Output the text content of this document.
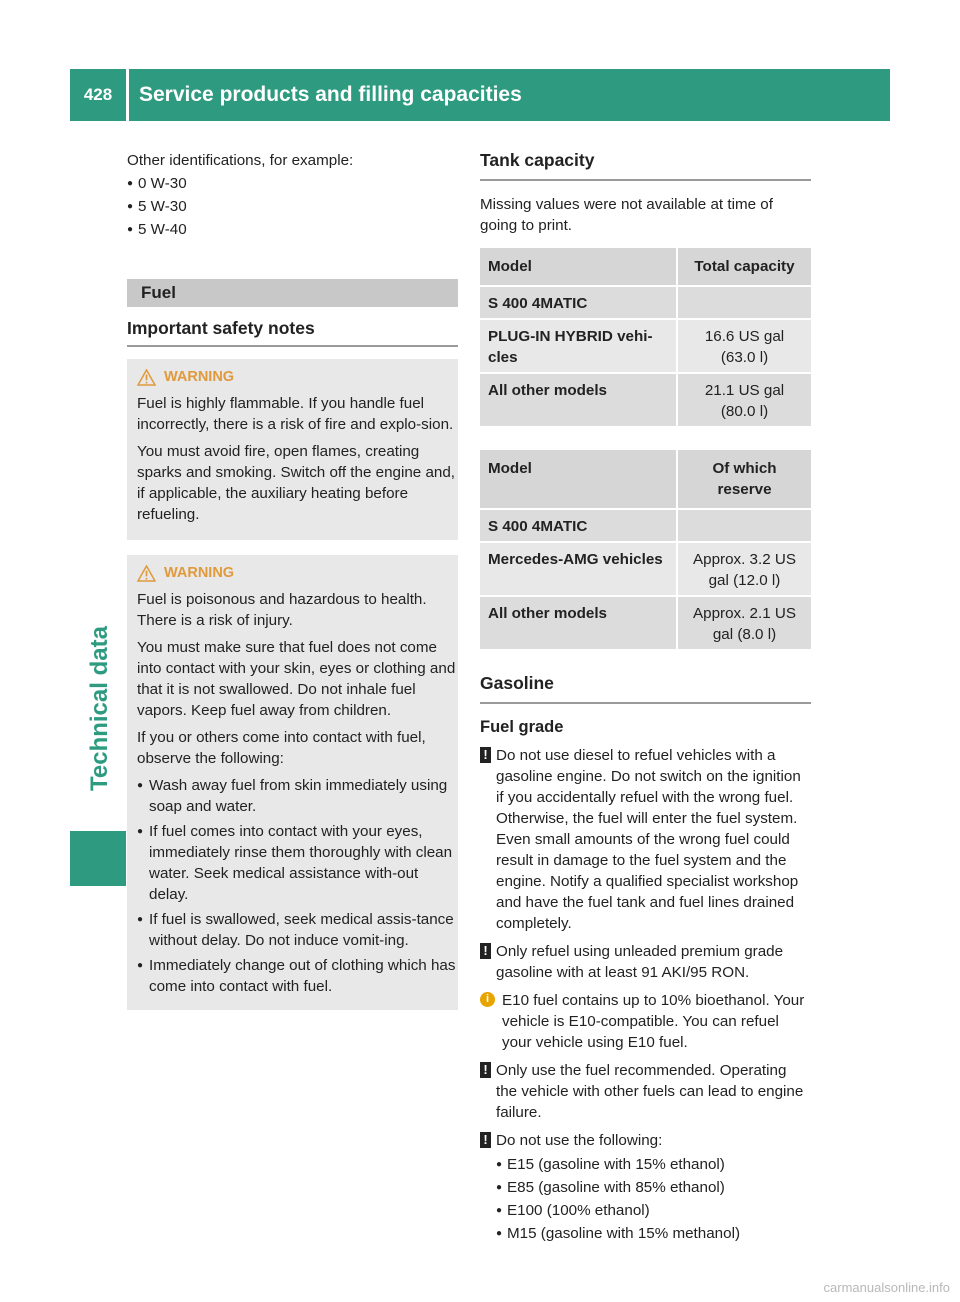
428	Service products and filling capacities
Technical data

Other identifications, for example:

● 0 W-30
● 5 W-30
● 5 W-40
Fuel
Important safety notes
WARNING

Fuel is highly flammable. If you handle fuel incorrectly, there is a risk of fire and explo-sion.

You must avoid fire, open flames, creating sparks and smoking. Switch off the engine and, if applicable, the auxiliary heating before refueling.

WARNING

Fuel is poisonous and hazardous to health. There is a risk of injury.

You must make sure that fuel does not come into contact with your skin, eyes or clothing and that it is not swallowed. Do not inhale fuel vapors. Keep fuel away from children.

If you or others come into contact with fuel, observe the following:

● Wash away fuel from skin immediately using soap and water.
● If fuel comes into contact with your eyes, immediately rinse them thoroughly with clean water. Seek medical assistance with-out delay.
● If fuel is swallowed, seek medical assis-tance without delay. Do not induce vomit-ing.
● Immediately change out of clothing which has come into contact with fuel.
Tank capacity

Missing values were not available at time of going to print.

Model	Total capacity
S 400 4MATIC	
PLUG-IN HYBRID vehi-cles	16.6 US gal (63.0 l)
All other models	21.1 US gal (80.0 l)
Model	Of which reserve
S 400 4MATIC	
Mercedes-AMG vehicles	Approx. 3.2 US gal (12.0 l)
All other models	Approx. 2.1 US gal (8.0 l)
Gasoline
Fuel grade
! Do not use diesel to refuel vehicles with a gasoline engine. Do not switch on the ignition if you accidentally refuel with the wrong fuel. Otherwise, the fuel will enter the fuel system. Even small amounts of the wrong fuel could result in damage to the fuel system and the engine. Notify a qualified specialist workshop and have the fuel tank and fuel lines drained completely.
! Only refuel using unleaded premium grade gasoline with at least 91 AKI/95 RON.
i E10 fuel contains up to 10% bioethanol. Your vehicle is E10-compatible. You can refuel your vehicle using E10 fuel.
! Only use the fuel recommended. Operating the vehicle with other fuels can lead to engine failure.
! Do not use the following:
● E15 (gasoline with 15% ethanol)
● E85 (gasoline with 85% ethanol)
● E100 (100% ethanol)
● M15 (gasoline with 15% methanol)
carmanualsonline.info
